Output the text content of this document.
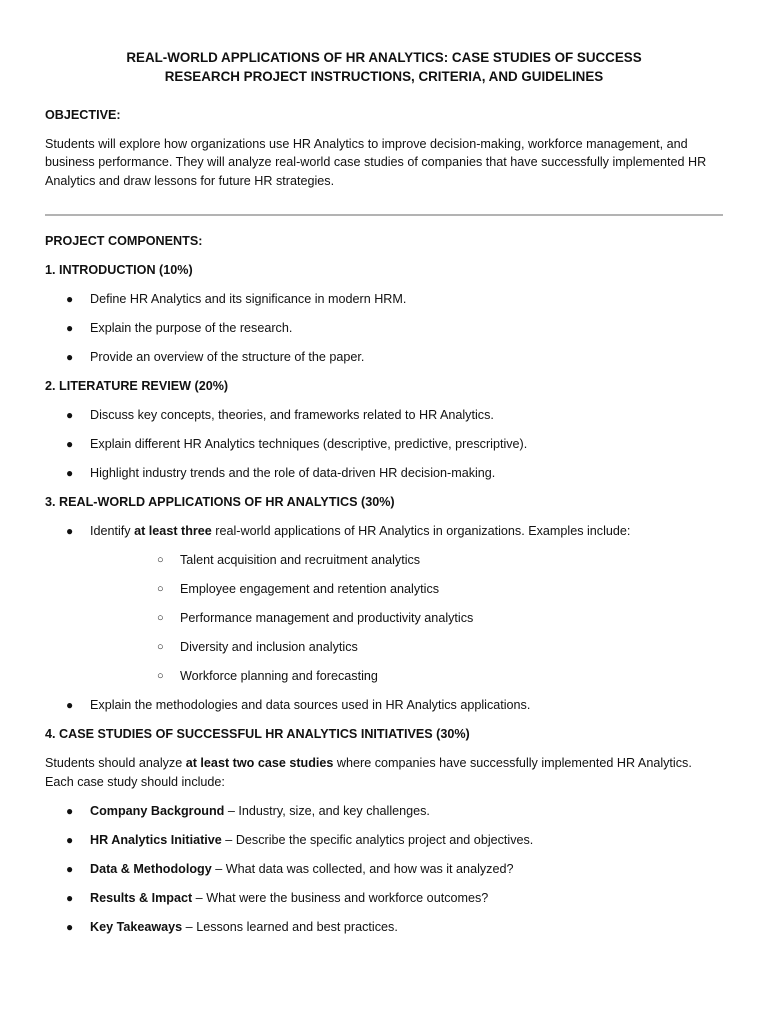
REAL-WORLD APPLICATIONS OF HR ANALYTICS: CASE STUDIES OF SUCCESS

RESEARCH PROJECT INSTRUCTIONS, CRITERIA, AND GUIDELINES

OBJECTIVE:

Students will explore how organizations use HR Analytics to improve decision-making, workforce management, and business performance. They will analyze real-world case studies of companies that have successfully implemented HR Analytics and draw lessons for future HR strategies.

PROJECT COMPONENTS:

1. INTRODUCTION (10%)

● Define HR Analytics and its significance in modern HRM.
● Explain the purpose of the research.
● Provide an overview of the structure of the paper.

2. LITERATURE REVIEW (20%)

● Discuss key concepts, theories, and frameworks related to HR Analytics.
● Explain different HR Analytics techniques (descriptive, predictive, prescriptive).
● Highlight industry trends and the role of data-driven HR decision-making.

3. REAL-WORLD APPLICATIONS OF HR ANALYTICS (30%)

● Identify at least three real-world applications of HR Analytics in organizations. Examples include:
○ Talent acquisition and recruitment analytics
○ Employee engagement and retention analytics
○ Performance management and productivity analytics
○ Diversity and inclusion analytics
○ Workforce planning and forecasting
● Explain the methodologies and data sources used in HR Analytics applications.

4. CASE STUDIES OF SUCCESSFUL HR ANALYTICS INITIATIVES (30%)

Students should analyze at least two case studies where companies have successfully implemented HR Analytics. Each case study should include:

● Company Background – Industry, size, and key challenges.
● HR Analytics Initiative – Describe the specific analytics project and objectives.
● Data & Methodology – What data was collected, and how was it analyzed?
● Results & Impact – What were the business and workforce outcomes?
● Key Takeaways – Lessons learned and best practices.
